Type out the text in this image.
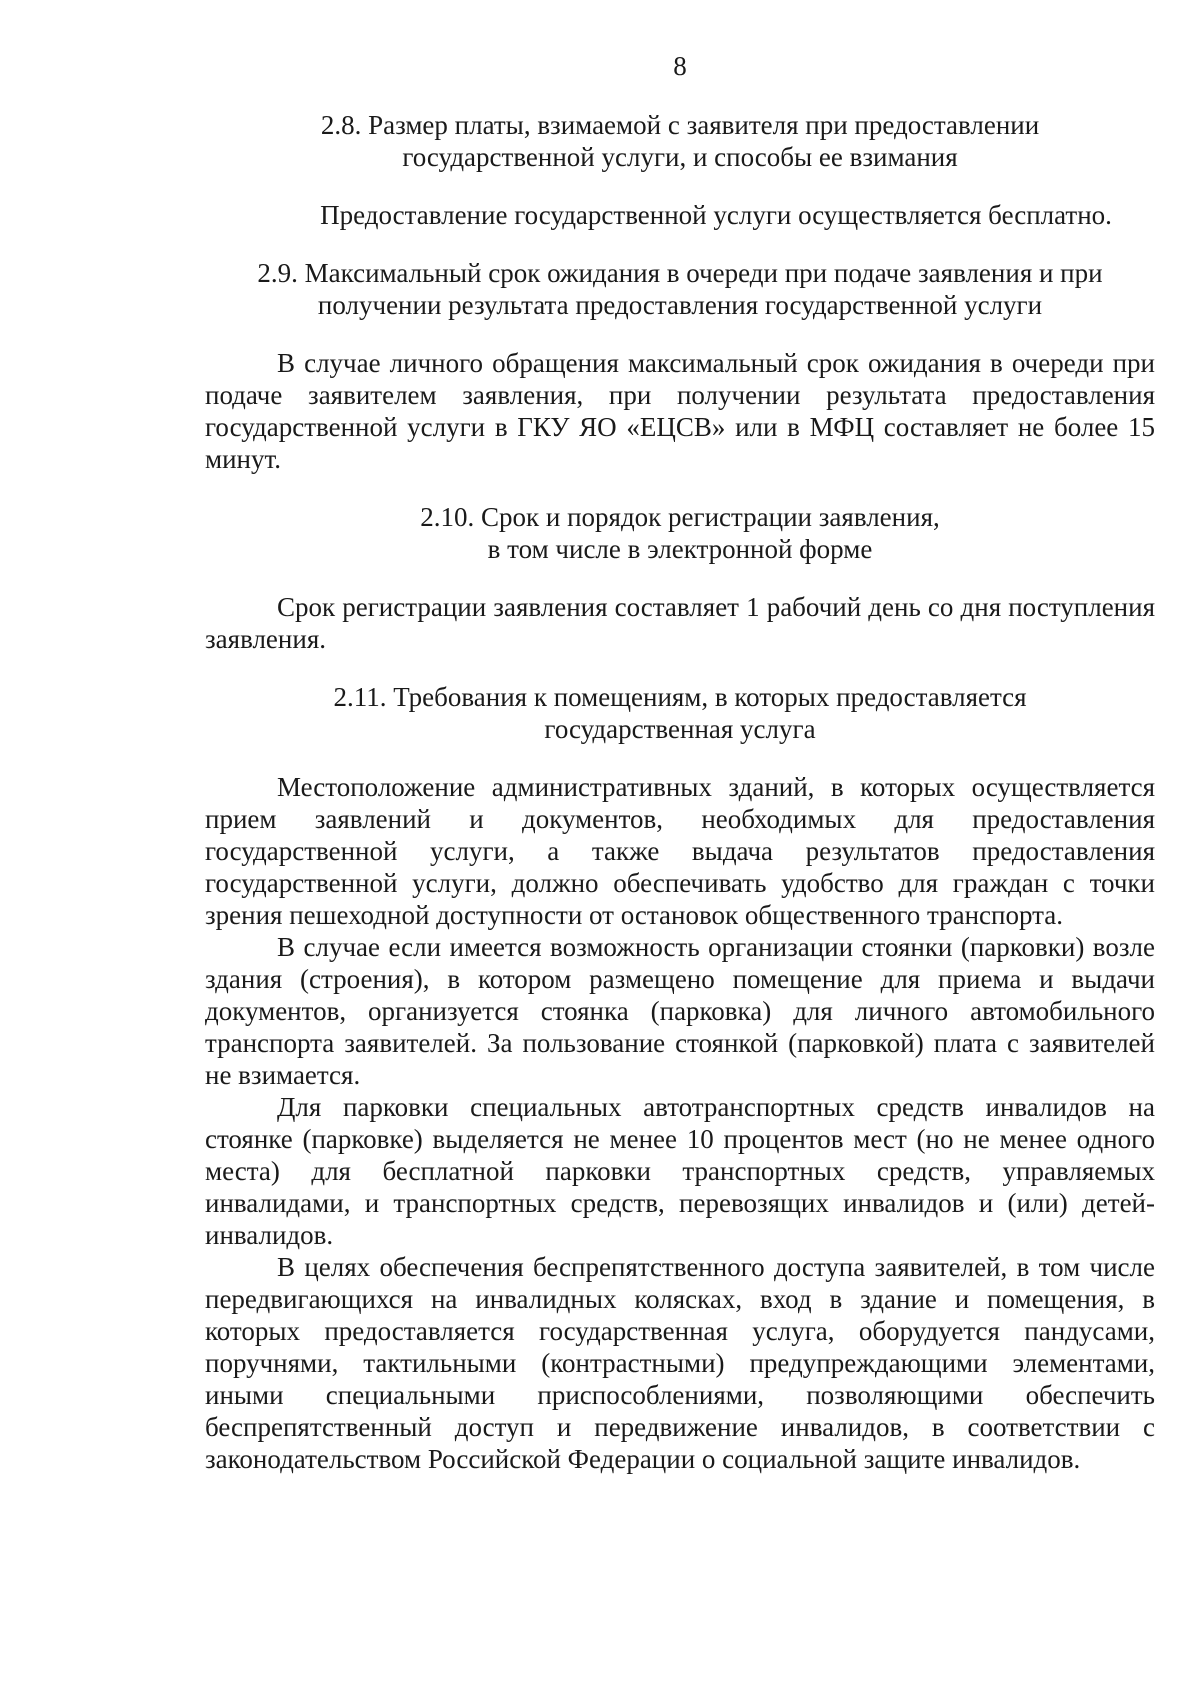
8
2.8. Размер платы, взимаемой с заявителя при предоставлении
государственной услуги, и способы ее взимания

Предоставление государственной услуги осуществляется бесплатно.

2.9. Максимальный срок ожидания в очереди при подаче заявления и при
получении результата предоставления государственной услуги

В случае личного обращения максимальный срок ожидания в очереди при подаче заявителем заявления, при получении результата предоставления государственной услуги в ГКУ ЯО «ЕЦСВ» или в МФЦ составляет не более 15 минут.

2.10. Срок и порядок регистрации заявления,
в том числе в электронной форме

Срок регистрации заявления составляет 1 рабочий день со дня поступления заявления.

2.11. Требования к помещениям, в которых предоставляется
государственная услуга

Местоположение административных зданий, в которых осуществляется прием заявлений и документов, необходимых для предоставления государственной услуги, а также выдача результатов предоставления государственной услуги, должно обеспечивать удобство для граждан с точки зрения пешеходной доступности от остановок общественного транспорта.

В случае если имеется возможность организации стоянки (парковки) возле здания (строения), в котором размещено помещение для приема и выдачи документов, организуется стоянка (парковка) для личного автомобильного транспорта заявителей. За пользование стоянкой (парковкой) плата с заявителей не взимается.

Для парковки специальных автотранспортных средств инвалидов на стоянке (парковке) выделяется не менее 10 процентов мест (но не менее одного места) для бесплатной парковки транспортных средств, управляемых инвалидами, и транспортных средств, перевозящих инвалидов и (или) детей-инвалидов.

В целях обеспечения беспрепятственного доступа заявителей, в том числе передвигающихся на инвалидных колясках, вход в здание и помещения, в которых предоставляется государственная услуга, оборудуется пандусами, поручнями, тактильными (контрастными) предупреждающими элементами, иными специальными приспособлениями, позволяющими обеспечить беспрепятственный доступ и передвижение инвалидов, в соответствии с законодательством Российской Федерации о социальной защите инвалидов.
